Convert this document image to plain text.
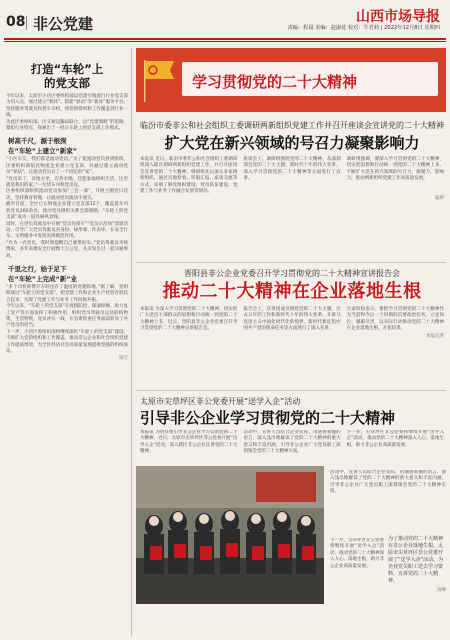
08 非公党建	山西市场导报
责编：程晨 美编：赵淑花 校对：牛君莉 | 2022年12月8日 星期四
打造“车轮”上
的党支部
今年以来，太原市小店区委组织部以党建引领流行行业党支部为切入点，通过建立“新驿”、搭建“驿站”等“新驿”服务平台，坚持服务驾驶员和货车司机，将党的组织和工作覆盖到行业一线。
为此区委组织部、区交通运输局联合，以“党建领航”的思路，紧扣行业特点，探索出了一批在车轮上的党支部工作模式。
树高千尺，源于根深
在“车轮”上建立“新家”
“小区车友，我们都是流动党员。”为了使流动党员找到组织，区委组织部依托物流企业建立党支部，并通过建立流动党员“驿站”，让流动党员有了一个固定的“家”。
“党员来了，有地方坐，有热水喝，还能参加组织生活，这里就是我们的家。”一位货车司机党员说。
区委组织部组织流动党员参加“三会一课”，开展主题党日活动，坚持教育管理，让流动党员流动不流失。
截至目前，全区已在物流企业建立党支部12个，覆盖货车司机党员200余名，流动党员组织关系全部理顺，“车轮上的党支部”成为一道亮丽风景线。
同时，在党员驾驶员中开展“党员先锋车”“党员示范岗”创建活动，引导广大党员驾驶员亮身份、树形象、作表率，在安全行车、文明服务中发挥先锋模范作用。
“作为一名党员，我时刻提醒自己要带好头。”党员驾驶员李师傅说，多年来他安全行驶数十万公里，从未发生过一起交通事故。
千里之行，始于足下
在“车轮”上完成“新”业
“多个司机师傅开车时也有了温度的党建阵地。”据了解，党组织通过“车轮上的党支部”，把党建工作和企业生产经营有机结合起来，实现了党建工作与业务工作同频共振。
今年以来，“车轮上的党支部”在疫情防控、保通保畅、助力复工复产等方面发挥了积极作用，组织党员驾驶员运送防疫物资、生活物资，党员冲在一线，在急难险重任务面前彰显了共产党员的担当。
下一步，小店区委组织部将继续深化“车轮上的党支部”建设，不断扩大党的组织和工作覆盖，推动非公企业和社会组织党建工作提质增效，为全区经济社会高质量发展提供坚强的组织保证。
梁吉
学习贯彻党的二十大精神
临汾市委非公和社会组织工委调研两新组织党建工作并召开座谈会宣讲党的二十大精神
扩大党在新兴领域的号召力凝聚影响力
本报讯 近日，临汾市委非公和社会组织工委调研组深入辖区调研两新组织党建工作，并召开座谈会宣讲党的二十大精神。调研组先后深入多家两新组织，通过实地察看、听取汇报、座谈交流等方式，详细了解党组织建设、党员队伍建设、党建工作与业务工作融合发展等情况。
座谈会上，调研组围绕党的二十大精神，从深刻领会党的二十大主题、新时代十年的伟大变革、深入学习贯彻党的二十大精神等方面进行了宣讲。
调研组强调，要深入学习贯彻党的二十大精神，切实把思想和行动统一到党的二十大精神上来，不断扩大党在新兴领域的号召力、凝聚力、影响力，推动两新组织党建工作高质量发展。
临妍
晋阳县非公企业党委召开学习贯彻党的二十大精神宣讲报告会
推动二十大精神在企业落地生根
本报讯 为深入学习贯彻党的二十大精神，切实把广大党员干部群众的思想和行动统一到党的二十大精神上来，近日，晋阳县非公企业党委召开学习贯彻党的二十大精神宣讲报告会。
报告会上，宣讲团成员围绕党的二十大主题、过去五年的工作和新时代十年的伟大变革、开辟马克思主义中国化时代化新境界、新时代新征程中国共产党的使命任务等方面进行了深入宣讲。
大家纷纷表示，要把学习贯彻党的二十大精神作为当前和今后一个时期的首要政治任务，立足岗位，履职尽责，以实际行动推动党的二十大精神在企业落地生根、开花结果。
本报记者
太原市尖草坪区非公党委开展“送学入企”活动
引导非公企业学习贯彻党的二十大精神
本报讯 为更好地引导非公企业学习贯彻党的二十大精神，近日，太原市尖草坪区非公党委开展“送学入企”活动，深入辖区非公企业宣讲党的二十大精神。
活动中，宣讲人员结合企业实际，用通俗易懂的语言，深入浅出地解读了党的二十大精神的重大意义和丰富内涵，引导非公企业广大党员职工深刻领会党的二十大精神实质。
下一步，尖草坪区非公党委将继续开展“送学入企”活动，推动党的二十大精神深入人心、落地生根，助力非公企业高质量发展。
活动中，宣讲人员结合企业实际，用通俗易懂的语言，深入浅出地解读了党的二十大精神的重大意义和丰富内涵，引导非公企业广大党员职工深刻领会党的二十大精神实质。
为了推动党的二十大精神在非公企业落地生根，太原市尖草坪区非公党委开展了“送学入企”活动，为企业党员职工送去学习资料，宣讲党的二十大精神。
高峰
下一步，尖草坪区非公党委将继续开展“送学入企”活动，推动党的二十大精神深入人心、落地生根，助力非公企业高质量发展。
